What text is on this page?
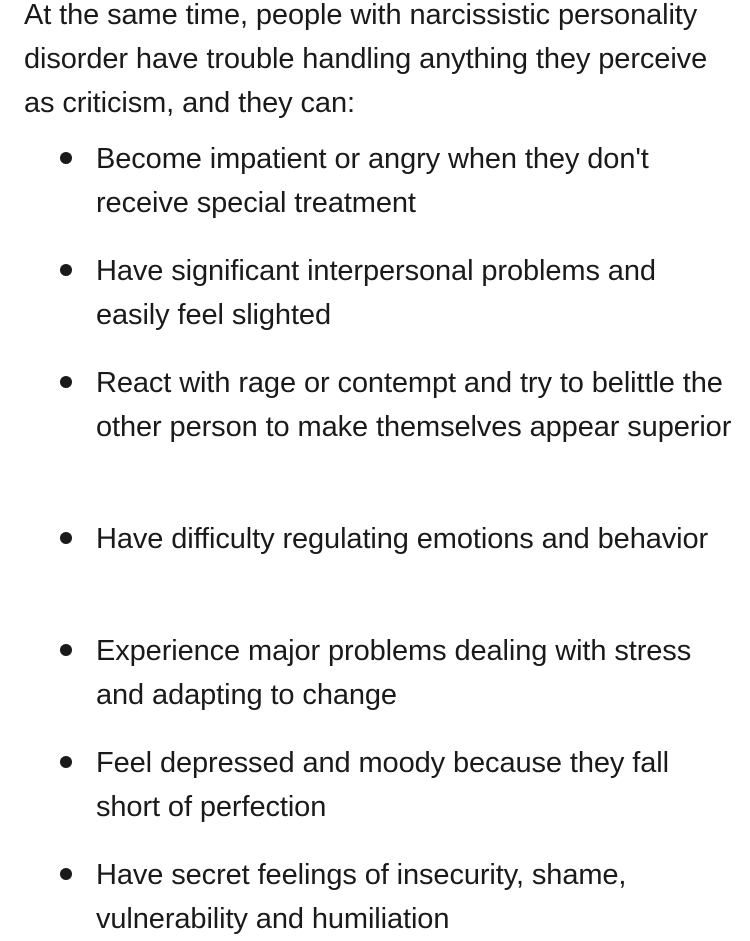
At the same time, people with narcissistic personality disorder have trouble handling anything they perceive as criticism, and they can:

Become impatient or angry when they don't receive special treatment
Have significant interpersonal problems and easily feel slighted
React with rage or contempt and try to belittle the other person to make themselves appear superior
Have difficulty regulating emotions and behavior
Experience major problems dealing with stress and adapting to change
Feel depressed and moody because they fall short of perfection
Have secret feelings of insecurity, shame, vulnerability and humiliation
